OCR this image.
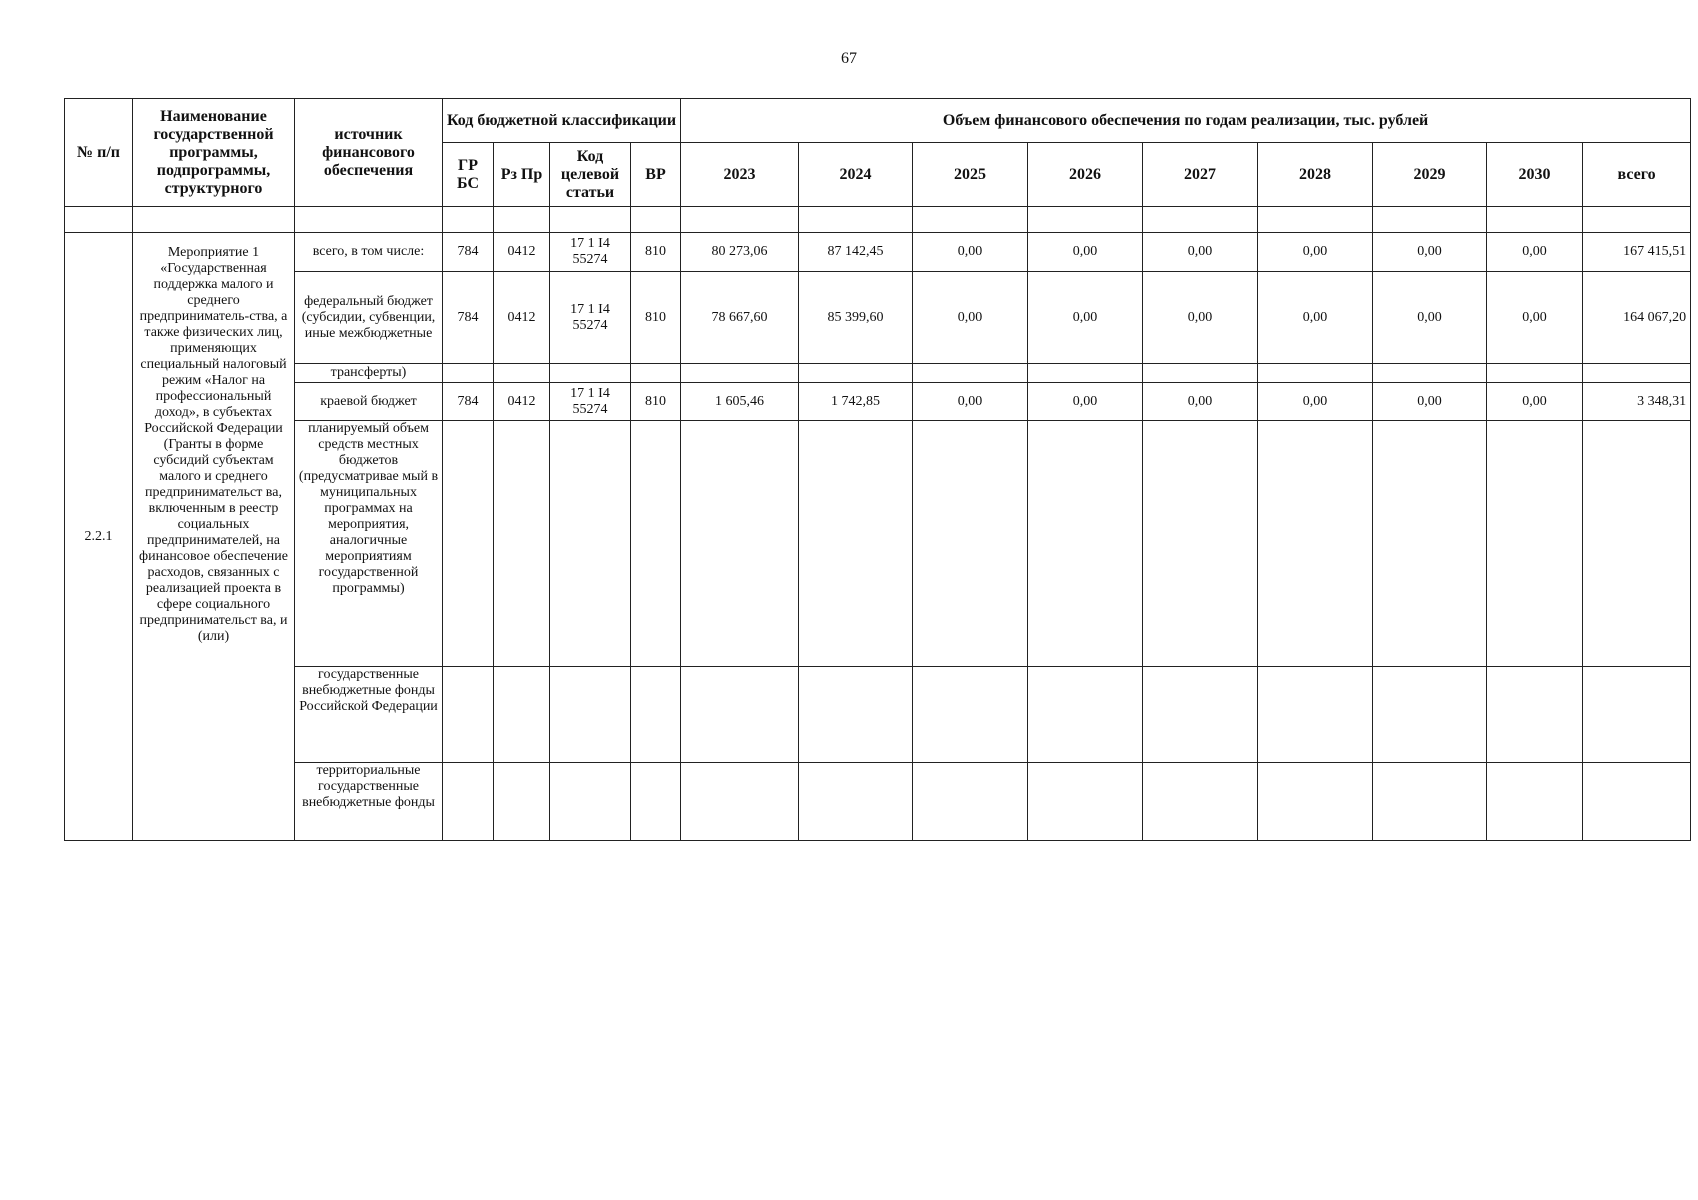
67
№ п/п	Наименование государственной программы, подпрограммы, структурного	источник финансового обеспечения	Код бюджетной классификации				Объем финансового обеспечения по годам реализации, тыс. рублей								
			ГР БС	Рз Пр	Код целевой статьи	ВР	2023	2024	2025	2026	2027	2028	2029	2030	всего

2.2.1	Мероприятие 1 «Государственная поддержка малого и среднего предприниматель-ства, а также физических лиц, применяющих специальный налоговый режим «Налог на профессиональный доход», в субъектах Российской Федерации (Гранты в форме субсидий субъектам малого и среднего предпринимательст ва, включенным в реестр социальных предпринимателей, на финансовое обеспечение расходов, связанных с реализацией проекта в сфере социального предпринимательст ва, и (или)	всего, в том числе:	784	0412	17 1 I4 55274	810	80 273,06	87 142,45	0,00	0,00	0,00	0,00	0,00	0,00	167 415,51
		федеральный бюджет (субсидии, субвенции, иные межбюджетные	784	0412	17 1 I4 55274	810	78 667,60	85 399,60	0,00	0,00	0,00	0,00	0,00	0,00	164 067,20
		трансферты)													
		краевой бюджет	784	0412	17 1 I4 55274	810	1 605,46	1 742,85	0,00	0,00	0,00	0,00	0,00	0,00	3 348,31
		планируемый объем средств местных бюджетов (предусматривае мый в муниципальных программах на мероприятия, аналогичные мероприятиям государственной программы)													
		государственные внебюджетные фонды Российской Федерации													
		территориальные государственные внебюджетные фонды													
